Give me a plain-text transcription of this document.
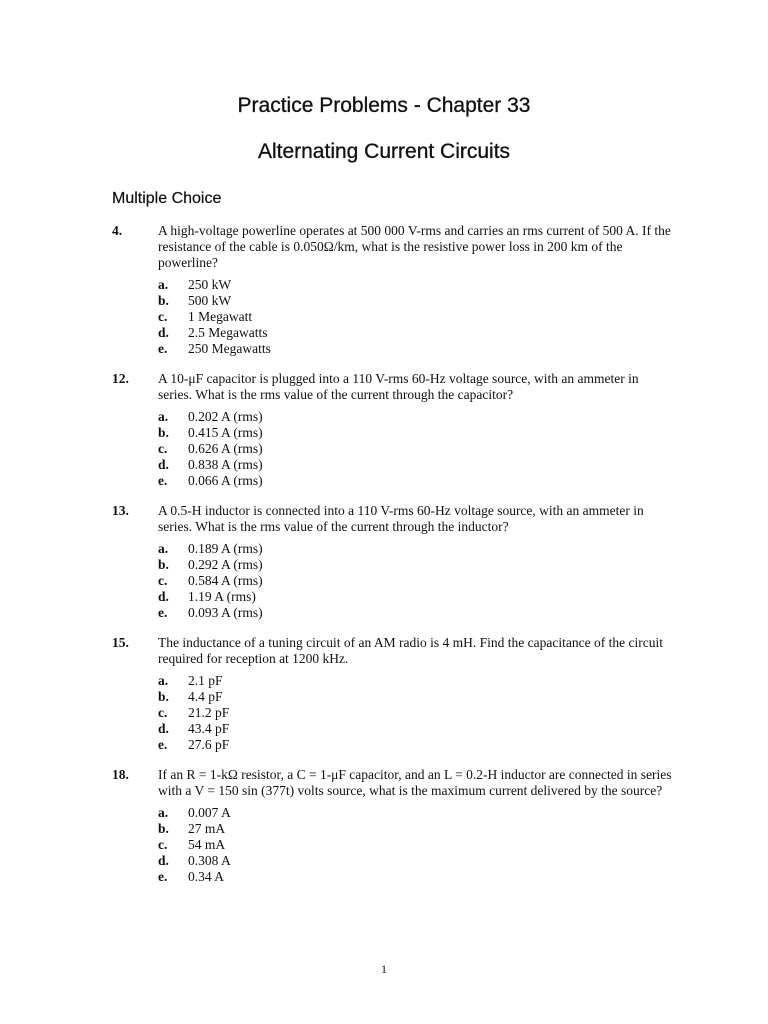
Practice Problems - Chapter 33
Alternating Current Circuits
Multiple Choice
4.	A high-voltage powerline operates at 500 000 V-rms and carries an rms current of 500 A. If the resistance of the cable is 0.050Ω/km, what is the resistive power loss in 200 km of the powerline?
a.	250 kW
b.	500 kW
c.	1 Megawatt
d.	2.5 Megawatts
e.	250 Megawatts
12.	A 10-μF capacitor is plugged into a 110 V-rms 60-Hz voltage source, with an ammeter in series. What is the rms value of the current through the capacitor?
a.	0.202 A (rms)
b.	0.415 A (rms)
c.	0.626 A (rms)
d.	0.838 A (rms)
e.	0.066 A (rms)
13.	A 0.5-H inductor is connected into a 110 V-rms 60-Hz voltage source, with an ammeter in series. What is the rms value of the current through the inductor?
a.	0.189 A (rms)
b.	0.292 A (rms)
c.	0.584 A (rms)
d.	1.19 A (rms)
e.	0.093 A (rms)
15.	The inductance of a tuning circuit of an AM radio is 4 mH. Find the capacitance of the circuit required for reception at 1200 kHz.
a.	2.1 pF
b.	4.4 pF
c.	21.2 pF
d.	43.4 pF
e.	27.6 pF
18.	If an R = 1-kΩ resistor, a C = 1-μF capacitor, and an L = 0.2-H inductor are connected in series with a V = 150 sin (377t) volts source, what is the maximum current delivered by the source?
a.	0.007 A
b.	27 mA
c.	54 mA
d.	0.308 A
e.	0.34 A
1
